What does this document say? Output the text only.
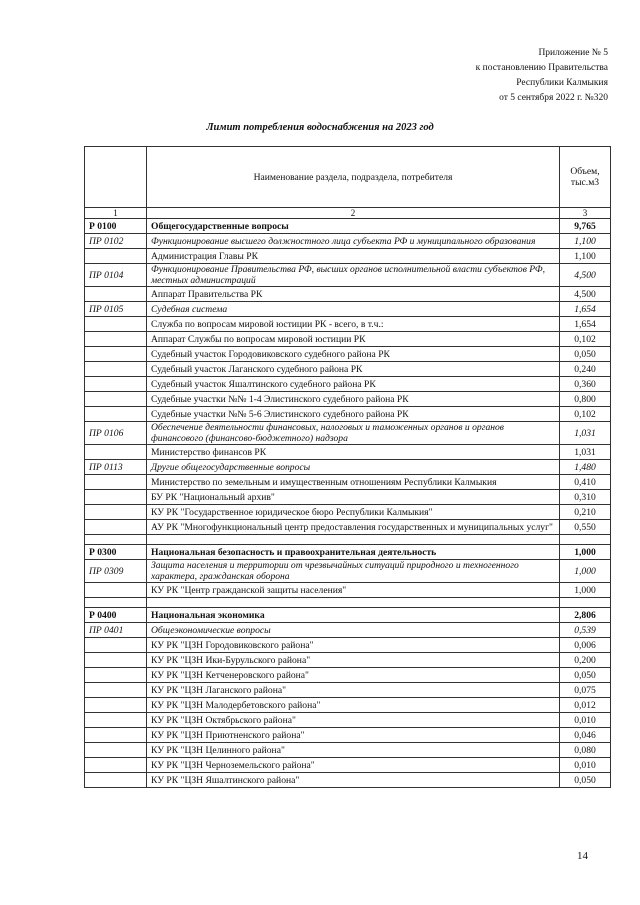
Приложение № 5
к постановлению Правительства
Республики Калмыкия
от 5 сентября 2022 г. №320
Лимит потребления водоснабжения на 2023 год
	Наименование раздела, подраздела, потребителя	Объем, тыс.м3
1	2	3
Р 0100	Общегосударственные вопросы	9,765
ПР 0102	Функционирование высшего должностного лица субъекта РФ и муниципального образования	1,100
	Администрация Главы РК	1,100
ПР 0104	Функционирование Правительства РФ, высших органов исполнительной власти субъектов РФ, местных администраций	4,500
	Аппарат Правительства РК	4,500
ПР 0105	Судебная система	1,654
	Служба по вопросам мировой юстиции РК - всего, в т.ч.:	1,654
	Аппарат Службы по вопросам мировой юстиции РК	0,102
	Судебный участок Городовиковского судебного района РК	0,050
	Судебный участок Лаганского судебного района РК	0,240
	Судебный участок Яшалтинского судебного района РК	0,360
	Судебные участки №№ 1-4 Элистинского судебного района РК	0,800
	Судебные участки №№ 5-6 Элистинского судебного района РК	0,102
ПР 0106	Обеспечение деятельности финансовых, налоговых и таможенных органов и органов финансового (финансово-бюджетного) надзора	1,031
	Министерство финансов РК	1,031
ПР 0113	Другие общегосударственные вопросы	1,480
	Министерство по земельным и имущественным отношениям Республики Калмыкия	0,410
	БУ РК "Национальный архив"	0,310
	КУ РК "Государственное юридическое бюро Республики Калмыкия"	0,210
	АУ РК "Многофункциональный центр предоставления государственных и муниципальных услуг"	0,550

Р 0300	Национальная безопасность и правоохранительная деятельность	1,000
ПР 0309	Защита населения и территории от чрезвычайных ситуаций природного и техногенного характера, гражданская оборона	1,000
	КУ РК "Центр гражданской защиты населения"	1,000

Р 0400	Национальная экономика	2,806
ПР 0401	Общеэкономические вопросы	0,539
	КУ РК "ЦЗН Городовиковского района"	0,006
	КУ РК "ЦЗН Ики-Бурульского района"	0,200
	КУ РК "ЦЗН Кетченеровского района"	0,050
	КУ РК "ЦЗН Лаганского района"	0,075
	КУ РК "ЦЗН Малодербетовского района"	0,012
	КУ РК "ЦЗН Октябрьского района"	0,010
	КУ РК "ЦЗН Приютненского района"	0,046
	КУ РК "ЦЗН Целинного района"	0,080
	КУ РК "ЦЗН Черноземельского района"	0,010
	КУ РК "ЦЗН Яшалтинского района"	0,050
14
